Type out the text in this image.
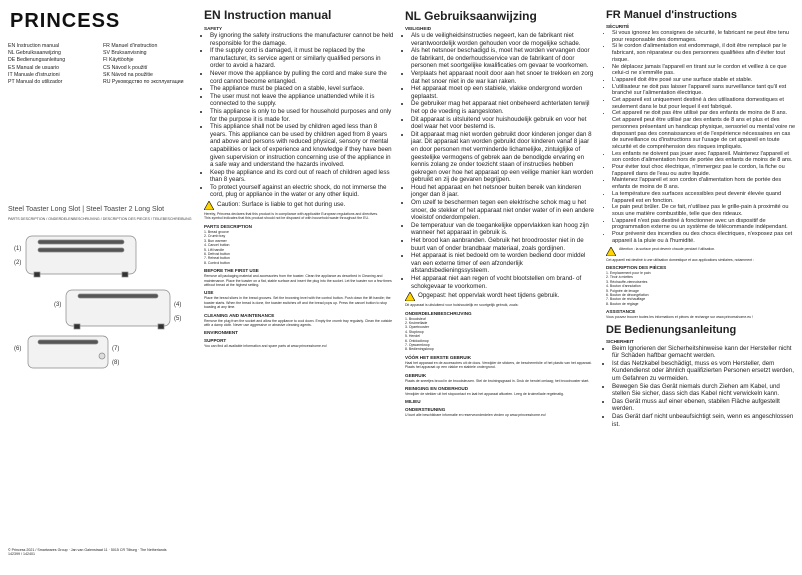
PRINCESS
EN Instruction manual	FR Manuel d'instruction
NL Gebruiksaanwijzing	SV Bruksanvisning
DE Bedienungsanleitung	FI Käyttöohje
ES Manual de usuario	CS Návod k použití
IT Manuale d'istruzioni	SK Návod na použitie
PT Manual do utilizador	RU Руководство по эксплуатации
Steel Toaster Long Slot | Steel Toaster 2 Long Slot
PARTS DESCRIPTION / ONDERDELENBESCHRIJVING / DESCRIPTION DES PIECES / TEILEBESCHREIBUNG
(1)
(2)
(3)	(4)
(5)
(6)	(7)
(8)
© Princess 2021 / Smartwares Group · Jan van Galenstraat 11 · 5015 CR Tilburg · The Netherlands
142399 / 142401
EN Instruction manual
SAFETY
• By ignoring the safety instructions the manufacturer cannot be held responsible for the damage.
• If the supply cord is damaged, it must be replaced by the manufacturer, its service agent or similarly qualified persons in order to avoid a hazard.
• Never move the appliance by pulling the cord and make sure the cord cannot become entangled.
• The appliance must be placed on a stable, level surface.
• The user must not leave the appliance unattended while it is connected to the supply.
• This appliance is only to be used for household purposes and only for the purpose it is made for.
• This appliance shall not be used by children aged less than 8 years. This appliance can be used by children aged from 8 years and above and persons with reduced physical, sensory or mental capabilities or lack of experience and knowledge if they have been given supervision or instruction concerning use of the appliance in a safe way and understand the hazards involved.
• Keep the appliance and its cord out of reach of children aged less than 8 years.
• To protect yourself against an electric shock, do not immerse the cord, plug or appliance in the water or any other liquid.
Caution: Surface is liable to get hot during use.
Hereby, Princess declares that this product is in compliance with applicable European regulations and directives.
This symbol indicates that this product should not be disposed of with household waste throughout the EU.
PARTS DESCRIPTION
1. Bread groove
2. Crumb tray
3. Bun warmer
4. Cancel button
5. Lift handle
6. Defrost button
7. Reheat button
8. Control button
BEFORE THE FIRST USE

Remove all packaging material and accessories from the toaster. Clean the appliance as described in Cleaning and maintenance. Place the toaster on a flat, stable surface and insert the plug into the socket. Let the toaster run a few times without bread at the highest setting.

USE

Place the bread slices in the bread grooves. Set the browning level with the control button. Push down the lift handle; the toaster starts. When the bread is done, the toaster switches off and the bread pops up. Press the cancel button to stop toasting at any time.

CLEANING AND MAINTENANCE

Remove the plug from the socket and allow the appliance to cool down. Empty the crumb tray regularly. Clean the outside with a damp cloth. Never use aggressive or abrasive cleaning agents.

ENVIRONMENT
SUPPORT

You can find all available information and spare parts at www.princesshome.eu!

NL Gebruiksaanwijzing
VEILIGHEID
• Als u de veiligheidsinstructies negeert, kan de fabrikant niet verantwoordelijk worden gehouden voor de mogelijke schade.
• Als het netsnoer beschadigd is, moet het worden vervangen door de fabrikant, de onderhoudsservice van de fabrikant of door personen met soortgelijke kwalificaties om gevaar te voorkomen.
• Verplaats het apparaat nooit door aan het snoer te trekken en zorg dat het snoer niet in de war kan raken.
• Het apparaat moet op een stabiele, vlakke ondergrond worden geplaatst.
• De gebruiker mag het apparaat niet onbeheerd achterlaten terwijl het op de voeding is aangesloten.
• Dit apparaat is uitsluitend voor huishoudelijk gebruik en voor het doel waar het voor bestemd is.
• Dit apparaat mag niet worden gebruikt door kinderen jonger dan 8 jaar. Dit apparaat kan worden gebruikt door kinderen vanaf 8 jaar en door personen met verminderde lichamelijke, zintuiglijke of geestelijke vermogens of gebrek aan de benodigde ervaring en kennis zolang ze onder toezicht staan of instructies hebben gekregen over hoe het apparaat op een veilige manier kan worden gebruikt en zij de gevaren begrijpen.
• Houd het apparaat en het netsnoer buiten bereik van kinderen jonger dan 8 jaar.
• Om uzelf te beschermen tegen een elektrische schok mag u het snoer, de stekker of het apparaat niet onder water of in een andere vloeistof onderdompelen.
• De temperatuur van de toegankelijke oppervlakken kan hoog zijn wanneer het apparaat in gebruik is.
• Het brood kan aanbranden. Gebruik het broodrooster niet in de buurt van of onder brandbaar materiaal, zoals gordijnen.
• Het apparaat is niet bedoeld om te worden bediend door middel van een externe timer of een afzonderlijk afstandsbedieningssysteem.
• Het apparaat niet aan regen of vocht blootstellen om brand- of schokgevaar te voorkomen.
Opgepast: het oppervlak wordt heet tijdens gebruik.

Dit apparaat is uitsluitend voor huishoudelijk en soortgelijk gebruik, zoals:

ONDERDELENBESCHRIJVING
1. Broodsleuf
2. Kruimellade
3. Opzetrooster
4. Stopknop
5. Hendel
6. Ontdooiknop
7. Opwarmknop
8. Bedieningsknop
VÓÓR HET EERSTE GEBRUIK

Haal het apparaat en de accessoires uit de doos. Verwijder de stickers, de beschermfolie of het plastic van het apparaat. Plaats het apparaat op een vlakke en stabiele ondergrond.

GEBRUIK

Plaats de sneetjes brood in de broodsleuven. Stel de bruiningsgraad in. Druk de hendel omlaag; het broodrooster start.

REINIGING EN ONDERHOUD

Verwijder de stekker uit het stopcontact en laat het apparaat afkoelen. Leeg de kruimellade regelmatig.

MILIEU
ONDERSTEUNING

U kunt alle beschikbare informatie en reserveonderdelen vinden op www.princesshome.eu!

FR Manuel d'instructions
SÉCURITÉ
• Si vous ignorez les consignes de sécurité, le fabricant ne peut être tenu pour responsable des dommages.
• Si le cordon d'alimentation est endommagé, il doit être remplacé par le fabricant, son réparateur ou des personnes qualifiées afin d'éviter tout risque.
• Ne déplacez jamais l'appareil en tirant sur le cordon et veillez à ce que celui-ci ne s'emmêle pas.
• L'appareil doit être posé sur une surface stable et stable.
• L'utilisateur ne doit pas laisser l'appareil sans surveillance tant qu'il est branché sur l'alimentation électrique.
• Cet appareil est uniquement destiné à des utilisations domestiques et seulement dans le but pour lequel il est fabriqué.
• Cet appareil ne doit pas être utilisé par des enfants de moins de 8 ans. Cet appareil peut être utilisé par des enfants de 8 ans et plus et des personnes présentant un handicap physique, sensoriel ou mental voire ne disposant pas des connaissances et de l'expérience nécessaires en cas de surveillance ou d'instructions sur l'usage de cet appareil en toute sécurité et de compréhension des risques impliqués.
• Les enfants ne doivent pas jouer avec l'appareil. Maintenez l'appareil et son cordon d'alimentation hors de portée des enfants de moins de 8 ans.
• Pour éviter tout choc électrique, n'immergez pas le cordon, la fiche ou l'appareil dans de l'eau ou autre liquide.
• Maintenez l'appareil et son cordon d'alimentation hors de portée des enfants de moins de 8 ans.
• La température des surfaces accessibles peut devenir élevée quand l'appareil est en fonction.
• Le pain peut brûler. De ce fait, n'utilisez pas le grille-pain à proximité ou sous une matière combustible, telle que des rideaux.
• L'appareil n'est pas destiné à fonctionner avec un dispositif de programmation externe ou un système de télécommande indépendant.
• Pour prévenir des incendies ou des chocs électriques, n'exposez pas cet appareil à la pluie ou à l'humidité.
Attention : la surface peut devenir chaude pendant l'utilisation.

Cet appareil est destiné à une utilisation domestique et aux applications similaires, notamment :

DESCRIPTION DES PIÈCES
1. Emplacement pour le pain
2. Tiroir à miettes
3. Réchauffe-viennoiseries
4. Bouton d'annulation
5. Poignée de levage
6. Bouton de décongélation
7. Bouton de réchauffage
8. Bouton de réglage
ASSISTANCE

Vous pouvez trouver toutes les informations et pièces de rechange sur www.princesshome.eu !

DE Bedienungsanleitung
SICHERHEIT
• Beim Ignorieren der Sicherheitshinweise kann der Hersteller nicht für Schäden haftbar gemacht werden.
• Ist das Netzkabel beschädigt, muss es vom Hersteller, dem Kundendienst oder ähnlich qualifizierten Personen ersetzt werden, um Gefahren zu vermeiden.
• Bewegen Sie das Gerät niemals durch Ziehen am Kabel, und stellen Sie sicher, dass sich das Kabel nicht verwickeln kann.
• Das Gerät muss auf einer ebenen, stabilen Fläche aufgestellt werden.
• Das Gerät darf nicht unbeaufsichtigt sein, wenn es angeschlossen ist.
